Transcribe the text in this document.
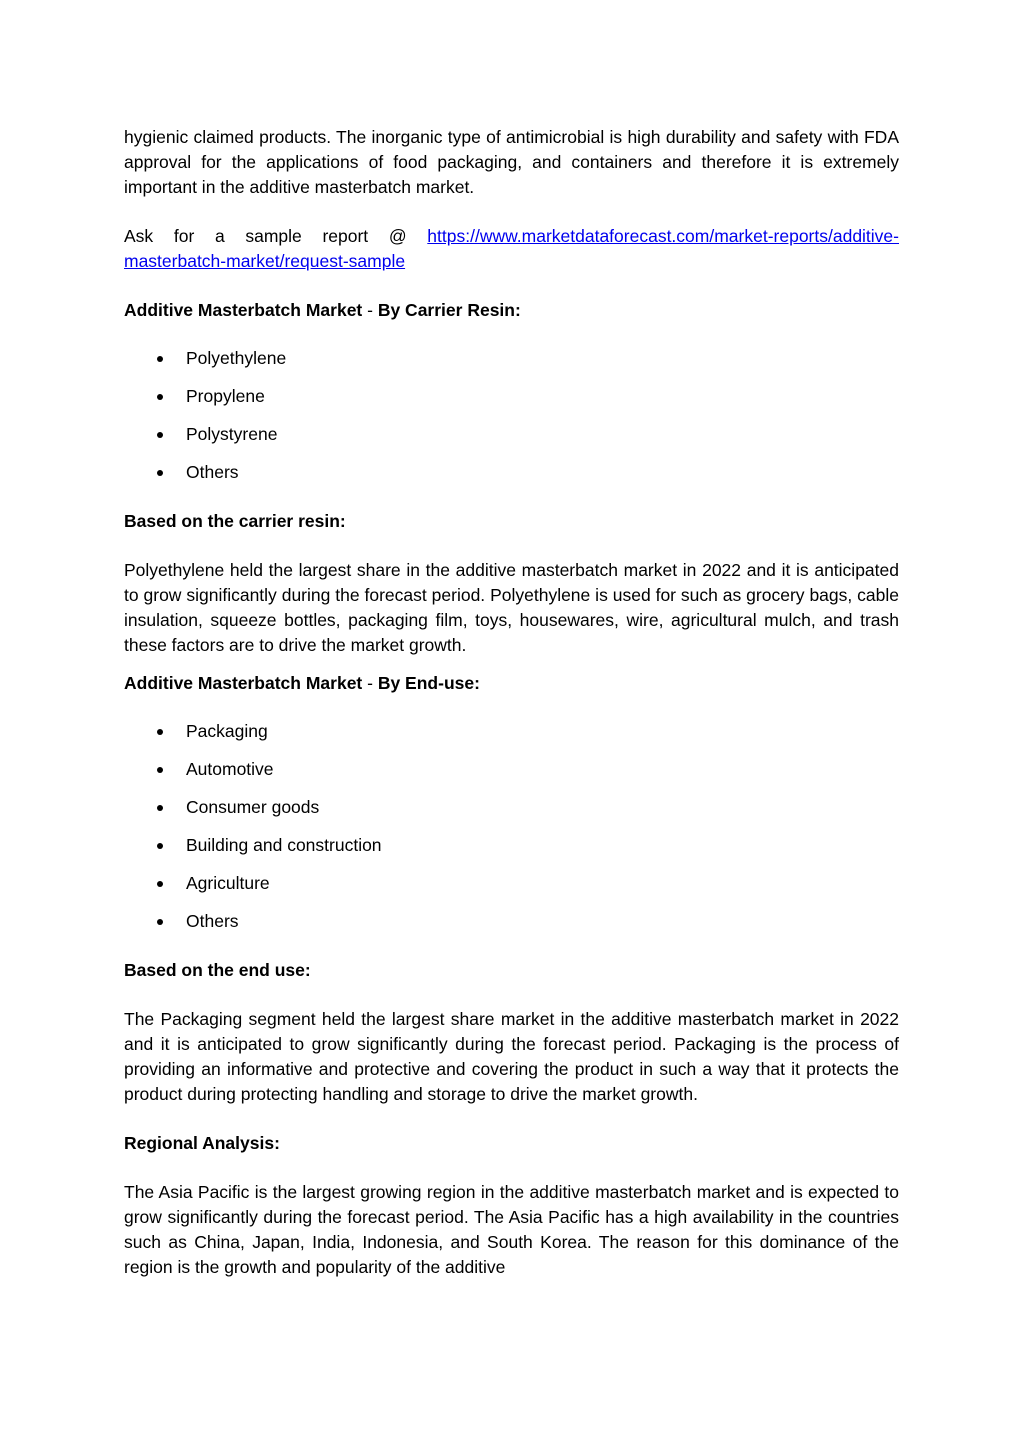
hygienic claimed products. The inorganic type of antimicrobial is high durability and safety with FDA approval for the applications of food packaging, and containers and therefore it is extremely important in the additive masterbatch market.

Ask for a sample report @ https://www.marketdataforecast.com/market-reports/additive-masterbatch-market/request-sample

Additive Masterbatch Market - By Carrier Resin:

Polyethylene
Propylene
Polystyrene
Others

Based on the carrier resin:

Polyethylene held the largest share in the additive masterbatch market in 2022 and it is anticipated to grow significantly during the forecast period. Polyethylene is used for such as grocery bags, cable insulation, squeeze bottles, packaging film, toys, housewares, wire, agricultural mulch, and trash these factors are to drive the market growth.

Additive Masterbatch Market - By End-use:

Packaging
Automotive
Consumer goods
Building and construction
Agriculture
Others

Based on the end use:

The Packaging segment held the largest share market in the additive masterbatch market in 2022 and it is anticipated to grow significantly during the forecast period. Packaging is the process of providing an informative and protective and covering the product in such a way that it protects the product during protecting handling and storage to drive the market growth.

Regional Analysis:

The Asia Pacific is the largest growing region in the additive masterbatch market and is expected to grow significantly during the forecast period. The Asia Pacific has a high availability in the countries such as China, Japan, India, Indonesia, and South Korea. The reason for this dominance of the region is the growth and popularity of the additive
